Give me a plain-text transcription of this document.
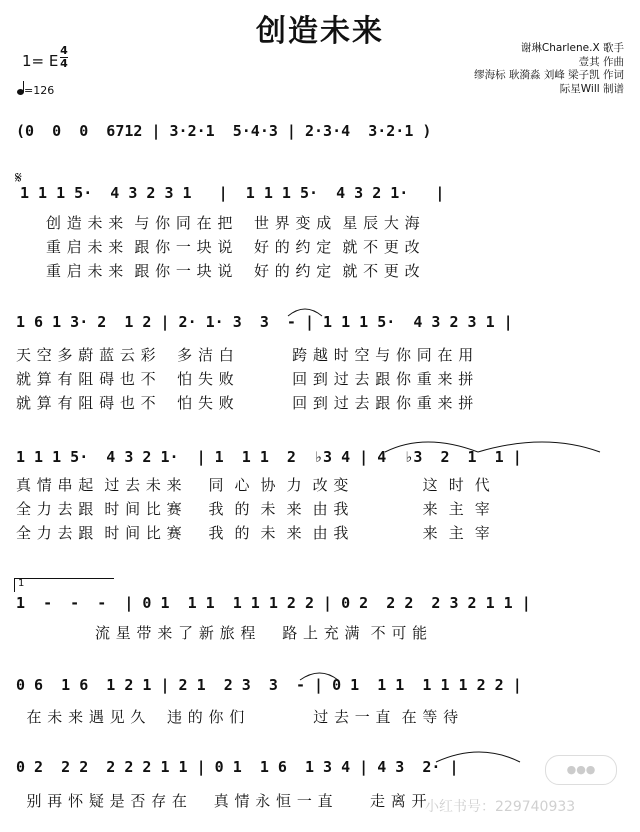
创造未来
1= E
4
4
=126
谢琳Charlene.X 歌手
壹其 作曲
缪海标 耿漪淼 刘峰 梁子凯 作词
际星Will 制谱
(0  0  0  6712 | 3·2·1  5·4·3 | 2·3·4  3·2·1 )
𝄋
1 1 1 5·  4 3 2 3 1   |  1 1 1 5·  4 3 2 1·   |
创 造 未 来  与 你 同 在 把    世 界 变 成  星 辰 大 海
重 启 未 来  跟 你 一 块 说    好 的 约 定  就 不 更 改
重 启 未 来  跟 你 一 块 说    好 的 约 定  就 不 更 改
1 6 1 3· 2  1 2 | 2· 1· 3  3  - | 1 1 1 5·  4 3 2 3 1 |
天 空 多 蔚 蓝 云 彩    多 洁 白           跨 越 时 空 与 你 同 在 用
就 算 有 阻 碍 也 不    怕 失 败           回 到 过 去 跟 你 重 来 拼
就 算 有 阻 碍 也 不    怕 失 败           回 到 过 去 跟 你 重 来 拼
1 1 1 5·  4 3 2 1·  | 1  1 1  2  ♭3 4 | 4  ♭3  2  1  1 |
真 情 串 起  过 去 未 来     同  心  协  力  改 变              这  时  代
全 力 去 跟  时 间 比 赛     我  的  未  来  由 我              来  主  宰
全 力 去 跟  时 间 比 赛     我  的  未  来  由 我              来  主  宰
1
1  -  -  -  | 0 1  1 1  1 1 1 2 2 | 0 2  2 2  2 3 2 1 1 |
流 星 带 来 了 新 旅 程     路 上 充 满  不 可 能
0 6  1 6  1 2 1 | 2 1  2 3  3  - | 0 1  1 1  1 1 1 2 2 |
在 未 来 遇 见 久    违 的 你 们             过 去 一 直  在 等 待
0 2  2 2  2 2 2 1 1 | 0 1  1 6  1 3 4 | 4 3  2· |
别 再 怀 疑 是 否 存 在     真 情 永 恒 一 直       走 离 开
●●●
小红书号：229740933
